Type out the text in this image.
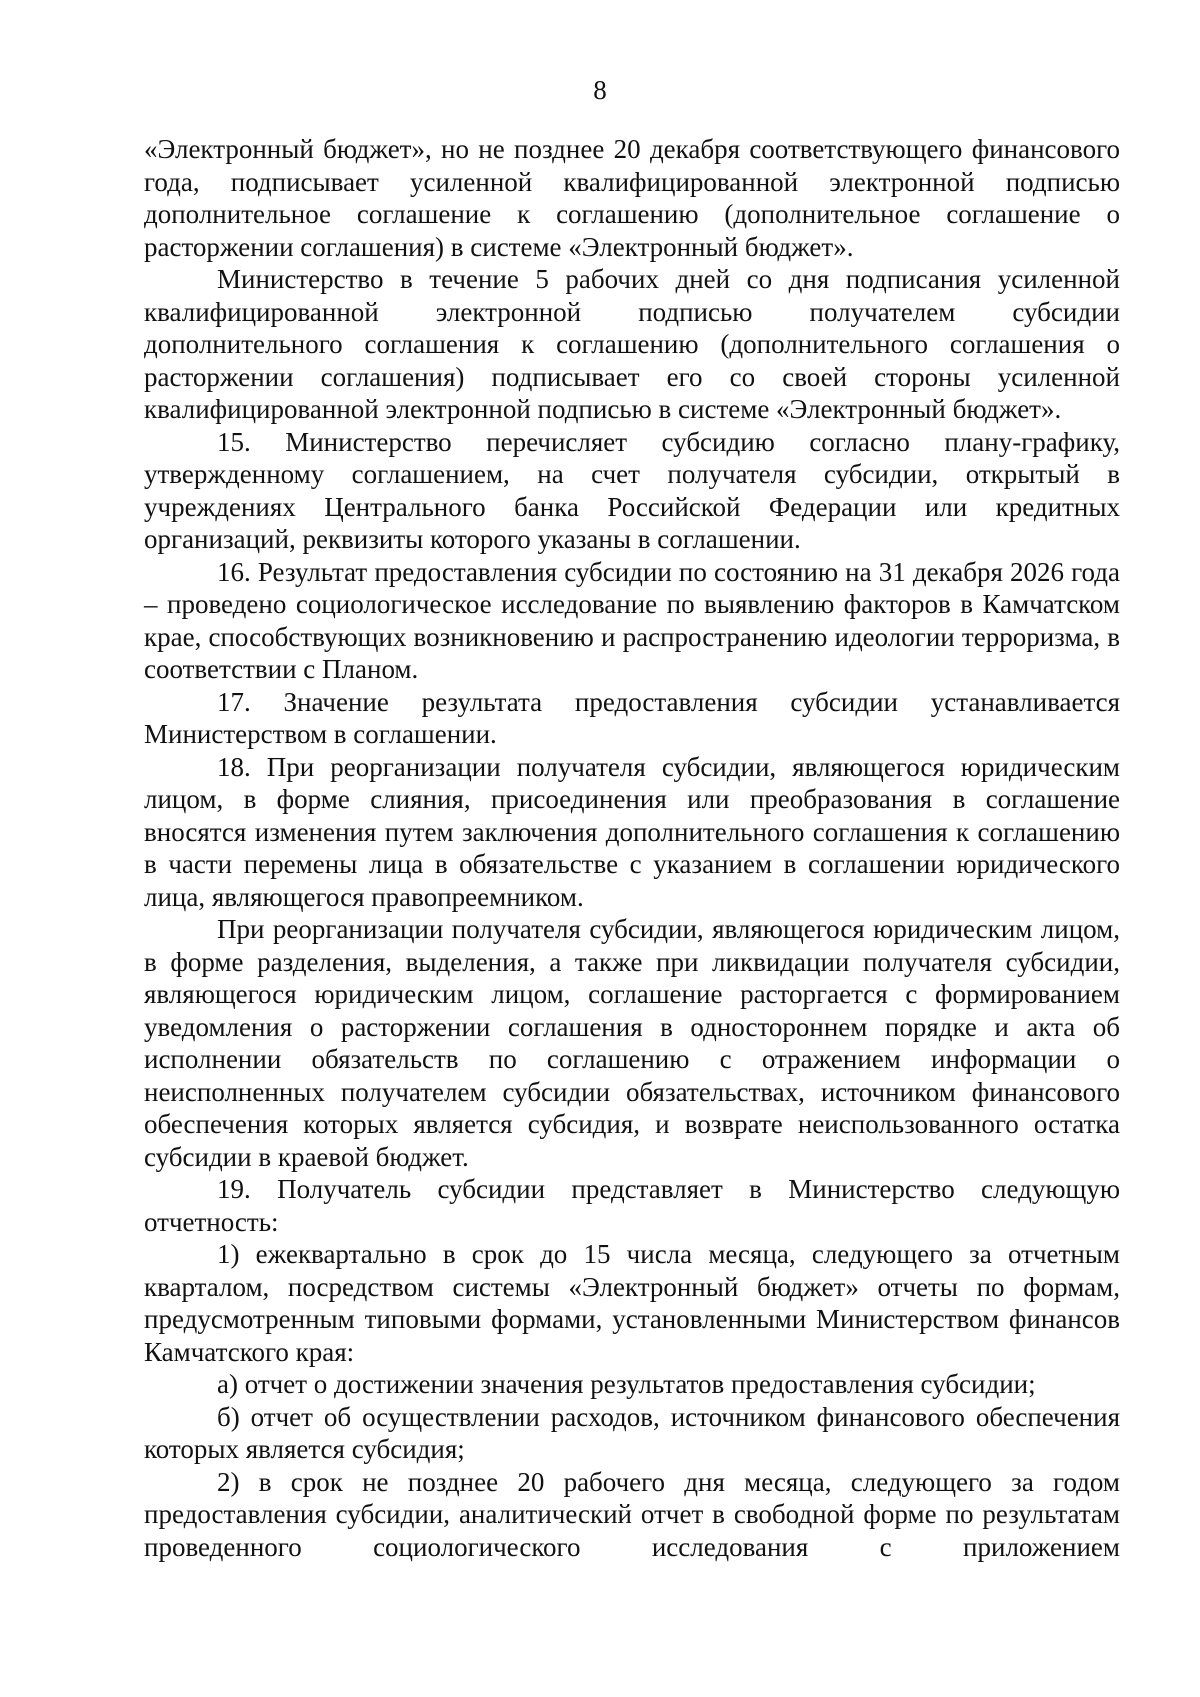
8

«Электронный бюджет», но не позднее 20 декабря соответствующего финансового года, подписывает усиленной квалифицированной электронной подписью дополнительное соглашение к соглашению (дополнительное соглашение о расторжении соглашения) в системе «Электронный бюджет».

Министерство в течение 5 рабочих дней со дня подписания усиленной квалифицированной электронной подписью получателем субсидии дополнительного соглашения к соглашению (дополнительного соглашения о расторжении соглашения) подписывает его со своей стороны усиленной квалифицированной электронной подписью в системе «Электронный бюджет».

15. Министерство перечисляет субсидию согласно плану-графику, утвержденному соглашением, на счет получателя субсидии, открытый в учреждениях Центрального банка Российской Федерации или кредитных организаций, реквизиты которого указаны в соглашении.

16. Результат предоставления субсидии по состоянию на 31 декабря 2026 года – проведено социологическое исследование по выявлению факторов в Камчатском крае, способствующих возникновению и распространению идеологии терроризма, в соответствии с Планом.

17. Значение результата предоставления субсидии устанавливается Министерством в соглашении.

18. При реорганизации получателя субсидии, являющегося юридическим лицом, в форме слияния, присоединения или преобразования в соглашение вносятся изменения путем заключения дополнительного соглашения к соглашению в части перемены лица в обязательстве с указанием в соглашении юридического лица, являющегося правопреемником.

При реорганизации получателя субсидии, являющегося юридическим лицом, в форме разделения, выделения, а также при ликвидации получателя субсидии, являющегося юридическим лицом, соглашение расторгается с формированием уведомления о расторжении соглашения в одностороннем порядке и акта об исполнении обязательств по соглашению с отражением информации о неисполненных получателем субсидии обязательствах, источником финансового обеспечения которых является субсидия, и возврате неиспользованного остатка субсидии в краевой бюджет.

19. Получатель субсидии представляет в Министерство следующую отчетность:

1) ежеквартально в срок до 15 числа месяца, следующего за отчетным кварталом, посредством системы «Электронный бюджет» отчеты по формам, предусмотренным типовыми формами, установленными Министерством финансов Камчатского края:

а) отчет о достижении значения результатов предоставления субсидии;

б) отчет об осуществлении расходов, источником финансового обеспечения которых является субсидия;

2) в срок не позднее 20 рабочего дня месяца, следующего за годом предоставления субсидии, аналитический отчет в свободной форме по результатам проведенного социологического исследования с приложением
